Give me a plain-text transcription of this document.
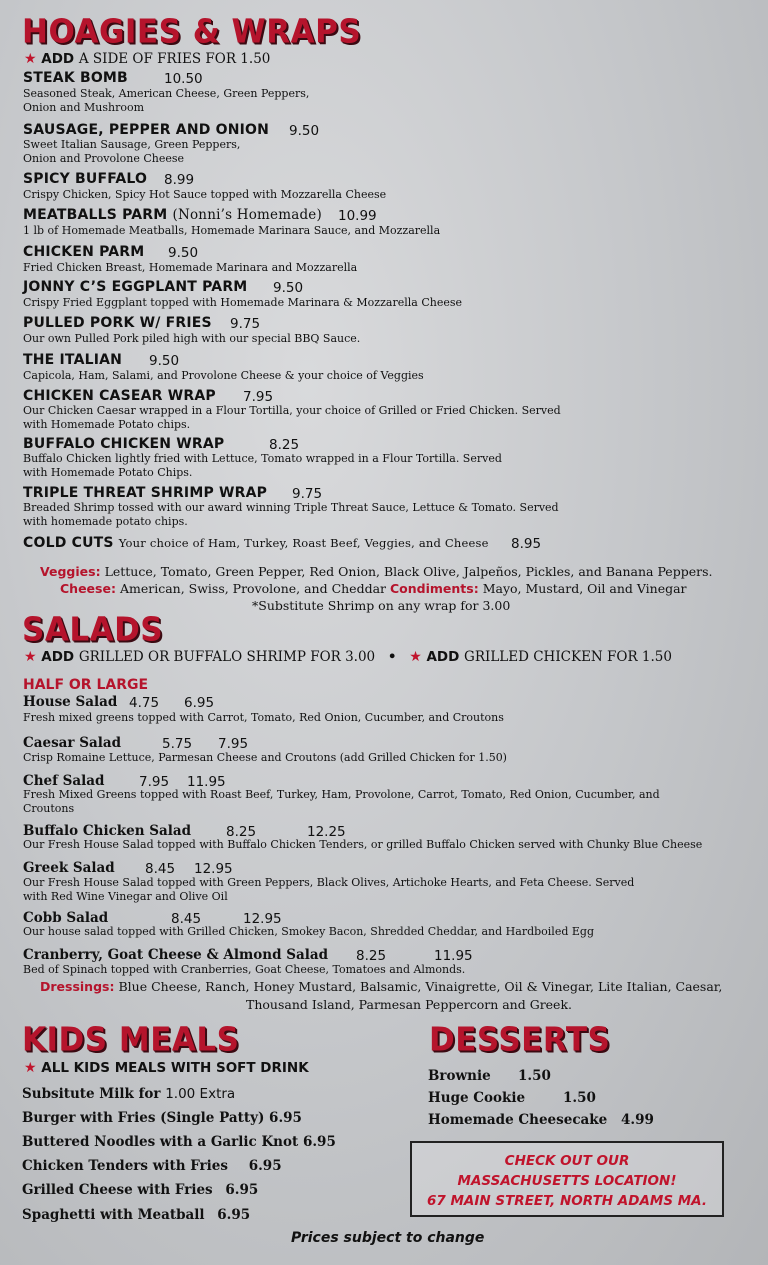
HOAGIES & WRAPS
★ ADD A SIDE OF FRIES FOR 1.50
STEAK BOMB	10.50
Seasoned Steak, American Cheese, Green Peppers, Onion and Mushroom
SAUSAGE, PEPPER AND ONION 9.50
Sweet Italian Sausage, Green Peppers, Onion and Provolone Cheese
SPICY BUFFALO 8.99
Crispy Chicken, Spicy Hot Sauce topped with Mozzarella Cheese
MEATBALLS PARM (Nonni’s Homemade) 10.99
1 lb of Homemade Meatballs, Homemade Marinara Sauce, and Mozzarella
CHICKEN PARM 9.50
Fried Chicken Breast, Homemade Marinara and Mozzarella
JONNY C’S EGGPLANT PARM 9.50
Crispy Fried Eggplant topped with Homemade Marinara & Mozzarella Cheese
PULLED PORK W/ FRIES 9.75
Our own Pulled Pork piled high with our special BBQ Sauce.
THE ITALIAN 9.50
Capicola, Ham, Salami, and Provolone Cheese & your choice of Veggies
CHICKEN CASEAR WRAP 7.95
Our Chicken Caesar wrapped in a Flour Tortilla, your choice of Grilled or Fried Chicken. Served with Homemade Potato chips.
BUFFALO CHICKEN WRAP	8.25
Buffalo Chicken lightly fried with Lettuce, Tomato wrapped in a Flour Tortilla. Served with Homemade Potato Chips.
TRIPLE THREAT SHRIMP WRAP 9.75
Breaded Shrimp tossed with our award winning Triple Threat Sauce, Lettuce & Tomato. Served with homemade potato chips.
COLD CUTS Your choice of Ham, Turkey, Roast Beef, Veggies, and Cheese 8.95
Veggies: Lettuce, Tomato, Green Pepper, Red Onion, Black Olive, Jalpeños, Pickles, and Banana Peppers.
Cheese: American, Swiss, Provolone, and Cheddar Condiments: Mayo, Mustard, Oil and Vinegar
*Substitute Shrimp on any wrap for 3.00
SALADS
★ ADD GRILLED OR BUFFALO SHRIMP FOR 3.00 • ★ ADD GRILLED CHICKEN FOR 1.50
HALF OR LARGE
House Salad 4.75 6.95
Fresh mixed greens topped with Carrot, Tomato, Red Onion, Cucumber, and Croutons
Caesar Salad	5.75 7.95
Crisp Romaine Lettuce, Parmesan Cheese and Croutons (add Grilled Chicken for 1.50)
Chef Salad	7.95 11.95
Fresh Mixed Greens topped with Roast Beef, Turkey, Ham, Provolone, Carrot, Tomato, Red Onion, Cucumber, and Croutons
Buffalo Chicken Salad	8.25	12.25
Our Fresh House Salad topped with Buffalo Chicken Tenders, or grilled Buffalo Chicken served with Chunky Blue Cheese
Greek Salad 8.45 12.95
Our Fresh House Salad topped with Green Peppers, Black Olives, Artichoke Hearts, and Feta Cheese. Served with Red Wine Vinegar and Olive Oil
Cobb Salad	8.45	12.95
Our house salad topped with Grilled Chicken, Smokey Bacon, Shredded Cheddar, and Hardboiled Egg
Cranberry, Goat Cheese & Almond Salad 8.25	11.95
Bed of Spinach topped with Cranberries, Goat Cheese, Tomatoes and Almonds.
Dressings: Blue Cheese, Ranch, Honey Mustard, Balsamic, Vinaigrette, Oil & Vinegar, Lite Italian, Caesar,
Thousand Island, Parmesan Peppercorn and Greek.
KIDS MEALS
★ ALL KIDS MEALS WITH SOFT DRINK
Subsitute Milk for 1.00 Extra
Burger with Fries (Single Patty) 6.95
Buttered Noodles with a Garlic Knot 6.95
Chicken Tenders with Fries 6.95
Grilled Cheese with Fries 6.95
Spaghetti with Meatball 6.95
DESSERTS
Brownie 1.50
Huge Cookie	1.50
Homemade Cheesecake 4.99
CHECK OUT OUR
MASSACHUSETTS LOCATION!
67 MAIN STREET, NORTH ADAMS MA.
Prices subject to change
